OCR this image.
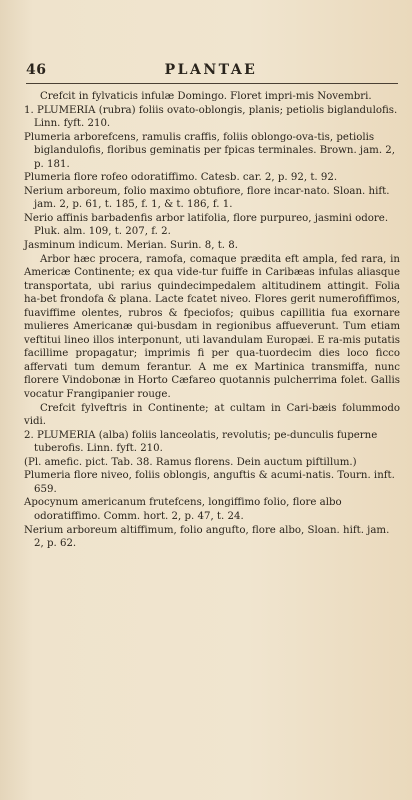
46	PLANTAE

Crefcit in fylvaticis infulæ Domingo. Floret impri-mis Novembri.

1. PLUMERIA (rubra) foliis ovato-oblongis, planis; petiolis biglandulofis. Linn. fyft. 210.

Plumeria arborefcens, ramulis craffis, foliis oblongo-ova-tis, petiolis biglandulofis, floribus geminatis per fpicas terminales. Brown. jam. 2, p. 181.

Plumeria flore rofeo odoratiffimo. Catesb. car. 2, p. 92, t. 92.

Nerium arboreum, folio maximo obtufiore, flore incar-nato. Sloan. hift. jam. 2, p. 61, t. 185, f. 1, & t. 186, f. 1.

Nerio affinis barbadenfis arbor latifolia, flore purpureo, jasmini odore. Pluk. alm. 109, t. 207, f. 2.

Jasminum indicum. Merian. Surin. 8, t. 8.

Arbor hæc procera, ramofa, comaque prædita eft ampla, fed rara, in Americæ Continente; ex qua vide-tur fuiffe in Caribæas infulas aliasque transportata, ubi rarius quindecimpedalem altitudinem attingit. Folia ha-bet frondofa & plana. Lacte fcatet niveo. Flores gerit numerofiffimos, fuaviffime olentes, rubros & fpeciofos; quibus capillitia fua exornare mulieres Americanæ qui-busdam in regionibus affueverunt. Tum etiam veftitui lineo illos interponunt, uti lavandulam Europæi. E ra-mis putatis facillime propagatur; imprimis fi per qua-tuordecim dies loco ficco affervati tum demum ferantur. A me ex Martinica transmiffa, nunc florere Vindobonæ in Horto Cæfareo quotannis pulcherrima folet. Gallis vocatur Frangipanier rouge.

Crefcit fylveftris in Continente; at cultam in Cari-bæis folummodo vidi.

2. PLUMERIA (alba) foliis lanceolatis, revolutis; pe-dunculis fuperne tuberofis. Linn. fyft. 210.

(Pl. amefic. pict. Tab. 38. Ramus florens. Dein auctum piftillum.)

Plumeria flore niveo, foliis oblongis, anguftis & acumi-natis. Tourn. inft. 659.

Apocynum americanum frutefcens, longiffimo folio, flore albo odoratiffimo. Comm. hort. 2, p. 47, t. 24.

Nerium arboreum altiffimum, folio angufto, flore albo, Sloan. hift. jam. 2, p. 62.
